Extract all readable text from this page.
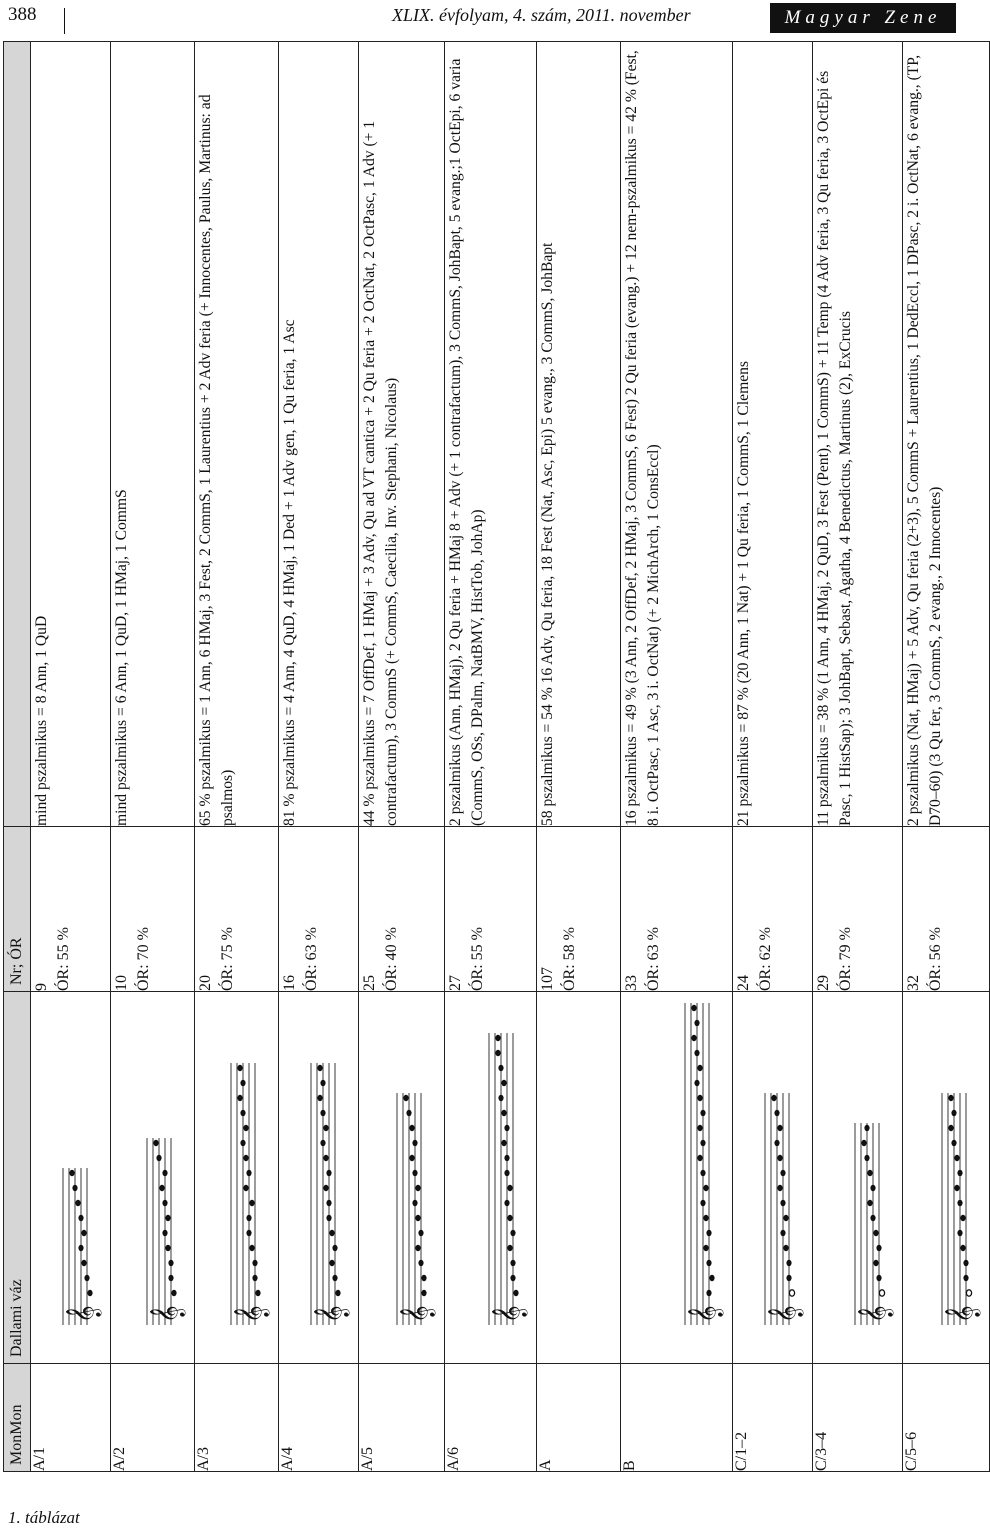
388	XLIX. évfolyam, 4. szám, 2011. november	Magyar Zene
MonMon	Dallami váz	Nr; ÓR	
A/1	𝄞	9 ÓR: 55 %	mind pszalmikus = 8 Ann, 1 QuD
A/2	𝄞	10 ÓR: 70 %	mind pszalmikus = 6 Ann, 1 QuD, 1 HMaj, 1 CommS
A/3	𝄞	20 ÓR: 75 %	65 % pszalmikus = 1 Ann, 6 HMaj, 3 Fest, 2 CommS, 1 Laurentius + 2 Adv feria (+ Innocentes, Paulus, Martinus: ad psalmos)
A/4	𝄞	16 ÓR: 63 %	81 % pszalmikus = 4 Ann, 4 QuD, 4 HMaj, 1 Ded + 1 Adv gen, 1 Qu feria, 1 Asc
A/5	𝄞	25 ÓR: 40 %	44 % pszalmikus = 7 OffDef, 1 HMaj + 3 Adv, Qu ad VT cantica + 2 Qu feria + 2 OctNat, 2 OctPasc, 1 Adv (+ 1 contrafactum), 3 CommS (+ CommS, Caecilia, Inv. Stephani, Nicolaus)
A/6	𝄞	27 ÓR: 55 %	2 pszalmikus (Ann, HMaj), 2 Qu feria + HMaj 8 + Adv (+ 1 contrafactum), 3 CommS, JohBapt, 5 evang.;1 OctEpi, 6 varia (CommS, OSs, DPalm, NatBMV, HistTob, JohAp)
A		107 ÓR: 58 %	58 pszalmikus = 54 % 16 Adv, Qu feria, 18 Fest (Nat, Asc, Epi) 5 evang., 3 CommS, JohBapt
B	𝄞	33 ÓR: 63 %	16 pszalmikus = 49 % (3 Ann, 2 OffDef, 2 HMaj, 3 CommS, 6 Fest) 2 Qu feria (evang.) + 12 nem-pszalmikus = 42 % (Fest, 8 i. OctPasc, 1 Asc, 3 i. OctNat) (+ 2 MichArch, 1 ConsEccl)
C/1–2	𝄞	24 ÓR: 62 %	21 pszalmikus = 87 % (20 Ann, 1 Nat) + 1 Qu feria, 1 CommS, 1 Clemens
C/3–4	𝄞	29 ÓR: 79 %	11 pszalmikus = 38 % (1 Ann, 4 HMaj, 2 QuD, 3 Fest (Pent), 1 CommS) + 11 Temp (4 Adv feria, 3 Qu feria, 3 OctEpi és Pasc, 1 HistSap); 3 JohBapt, Sebast, Agatha, 4 Benedictus, Martinus (2), ExCrucis
C/5–6	𝄞	32 ÓR: 56 %	2 pszalmikus (Nat, HMaj) + 5 Adv, Qu feria (2+3), 5 CommS + Laurentius, 1 DedEccl, 1 DPasc, 2 i. OctNat, 6 evang., (TP, D70–60) (3 Qu fer, 3 CommS, 2 evang., 2 Innocentes)
1. táblázat
